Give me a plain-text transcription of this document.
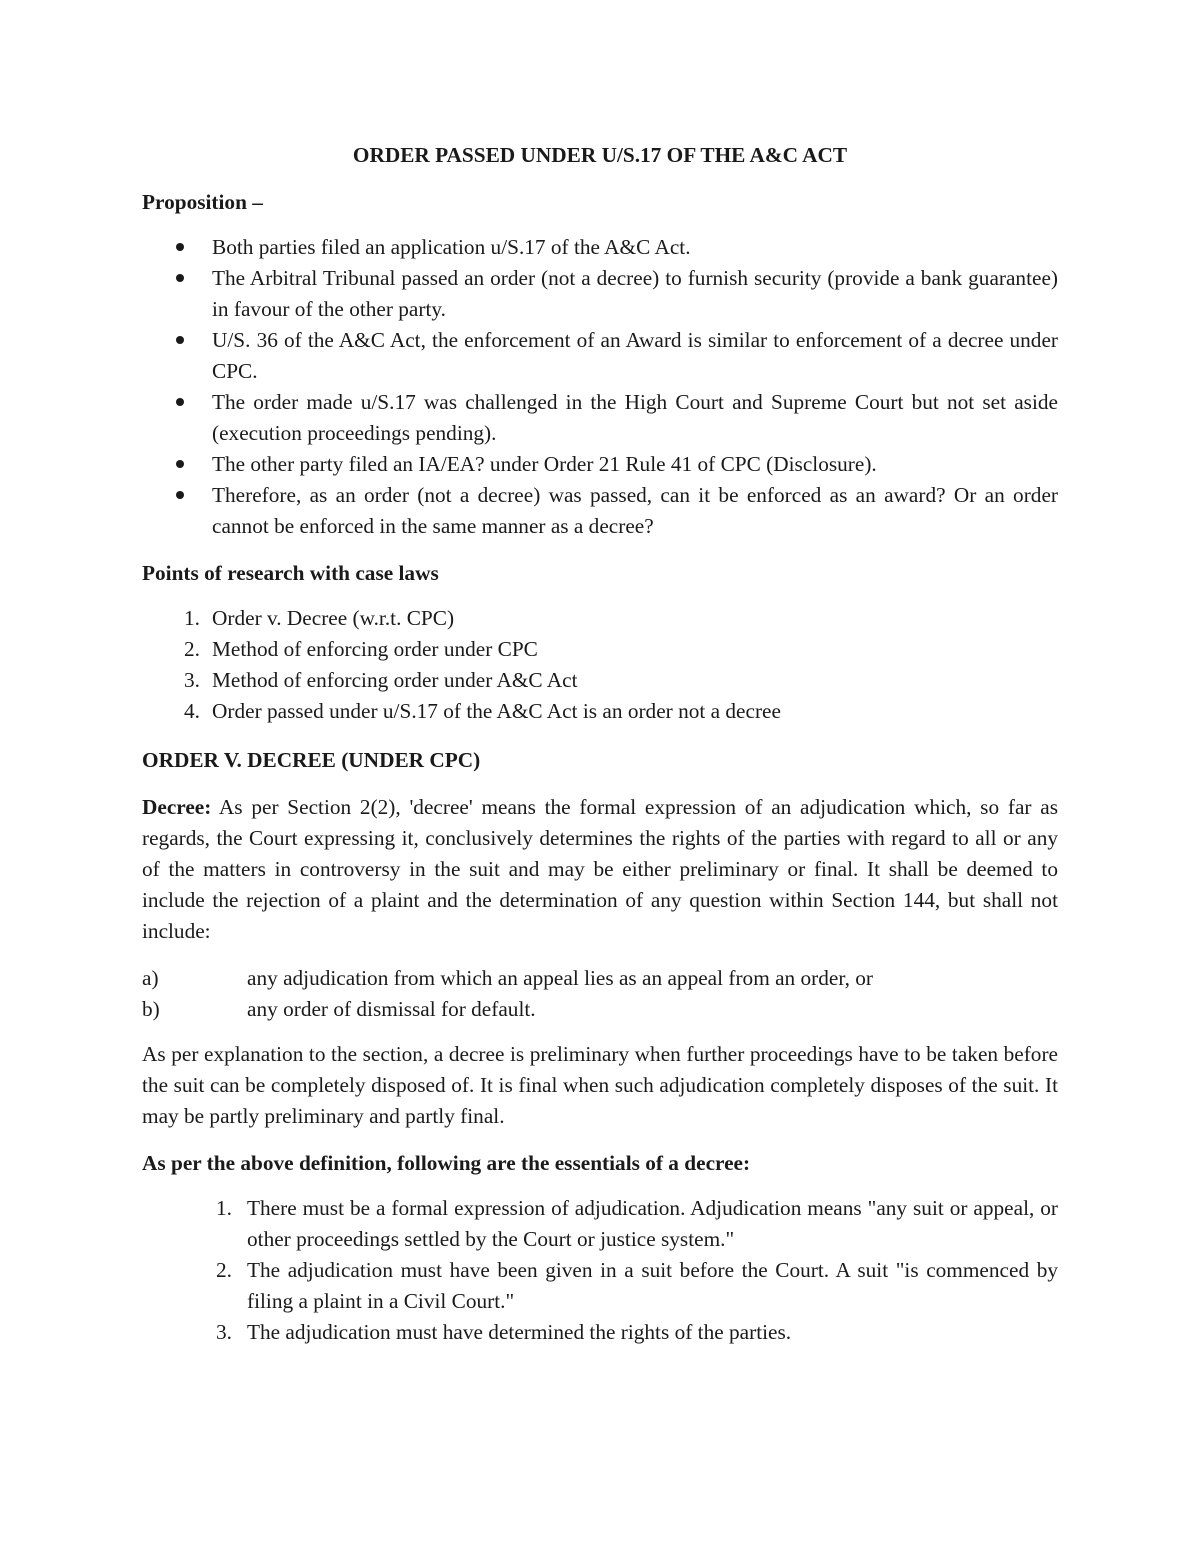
ORDER PASSED UNDER U/S.17 OF THE A&C ACT

Proposition –

Both parties filed an application u/S.17 of the A&C Act.
The Arbitral Tribunal passed an order (not a decree) to furnish security (provide a bank guarantee) in favour of the other party.
U/S. 36 of the A&C Act, the enforcement of an Award is similar to enforcement of a decree under CPC.
The order made u/S.17 was challenged in the High Court and Supreme Court but not set aside (execution proceedings pending).
The other party filed an IA/EA? under Order 21 Rule 41 of CPC (Disclosure).
Therefore, as an order (not a decree) was passed, can it be enforced as an award? Or an order cannot be enforced in the same manner as a decree?

Points of research with case laws

1. Order v. Decree (w.r.t. CPC)
2. Method of enforcing order under CPC
3. Method of enforcing order under A&C Act
4. Order passed under u/S.17 of the A&C Act is an order not a decree

ORDER V. DECREE (UNDER CPC)

Decree: As per Section 2(2), 'decree' means the formal expression of an adjudication which, so far as regards, the Court expressing it, conclusively determines the rights of the parties with regard to all or any of the matters in controversy in the suit and may be either preliminary or final. It shall be deemed to include the rejection of a plaint and the determination of any question within Section 144, but shall not include:

a)	any adjudication from which an appeal lies as an appeal from an order, or
b)	any order of dismissal for default.

As per explanation to the section, a decree is preliminary when further proceedings have to be taken before the suit can be completely disposed of. It is final when such adjudication completely disposes of the suit. It may be partly preliminary and partly final.

As per the above definition, following are the essentials of a decree:

1. There must be a formal expression of adjudication. Adjudication means "any suit or appeal, or other proceedings settled by the Court or justice system."
2. The adjudication must have been given in a suit before the Court. A suit "is commenced by filing a plaint in a Civil Court."
3. The adjudication must have determined the rights of the parties.
